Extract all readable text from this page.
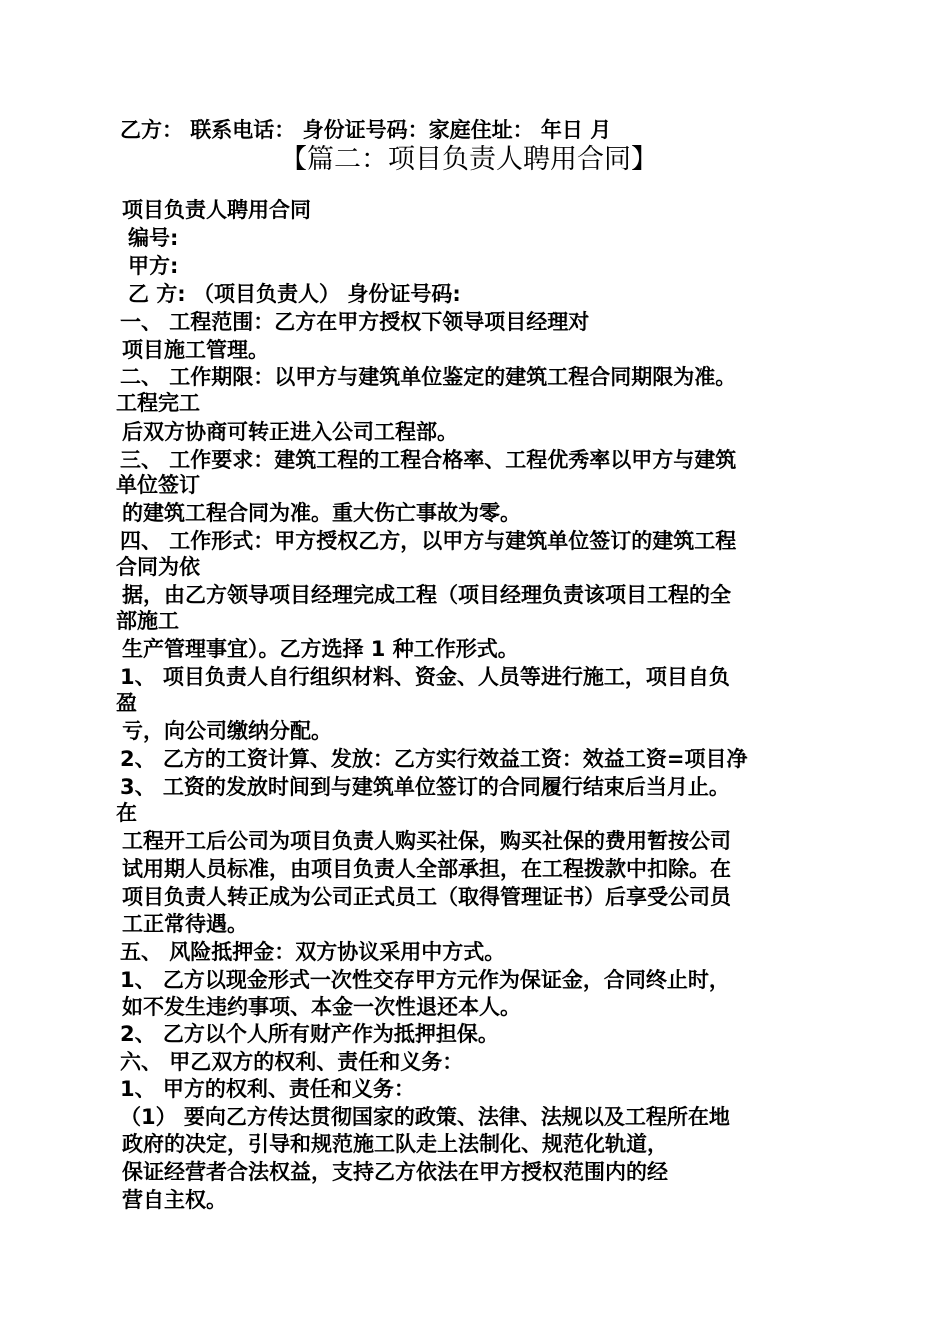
乙方： 联系电话： 身份证号码：家庭住址： 年日 月
【篇二：项目负责人聘用合同】
项目负责人聘用合同
编号:
甲方:
乙 方: （项目负责人） 身份证号码:
一、 工程范围：乙方在甲方授权下领导项目经理对
项目施工管理。
二、 工作期限：以甲方与建筑单位鉴定的建筑工程合同期限为准。
工程完工
后双方协商可转正进入公司工程部。
三、 工作要求：建筑工程的工程合格率、工程优秀率以甲方与建筑
单位签订
的建筑工程合同为准。重大伤亡事故为零。
四、 工作形式：甲方授权乙方，以甲方与建筑单位签订的建筑工程
合同为依
据，由乙方领导项目经理完成工程（项目经理负责该项目工程的全
部施工
生产管理事宜）。乙方选择 1 种工作形式。
1、 项目负责人自行组织材料、资金、人员等进行施工，项目自负
盈
亏，向公司缴纳分配。
2、 乙方的工资计算、发放：乙方实行效益工资：效益工资=项目净
3、 工资的发放时间到与建筑单位签订的合同履行结束后当月止。
在
工程开工后公司为项目负责人购买社保，购买社保的费用暂按公司
试用期人员标准，由项目负责人全部承担，在工程拨款中扣除。在
项目负责人转正成为公司正式员工（取得管理证书）后享受公司员
工正常待遇。
五、 风险抵押金：双方协议采用中方式。
1、 乙方以现金形式一次性交存甲方元作为保证金，合同终止时，
如不发生违约事项、本金一次性退还本人。
2、 乙方以个人所有财产作为抵押担保。
六、 甲乙双方的权利、责任和义务：
1、 甲方的权利、责任和义务：
（1） 要向乙方传达贯彻国家的政策、法律、法规以及工程所在地
政府的决定，引导和规范施工队走上法制化、规范化轨道，
保证经营者合法权益，支持乙方依法在甲方授权范围内的经
营自主权。
